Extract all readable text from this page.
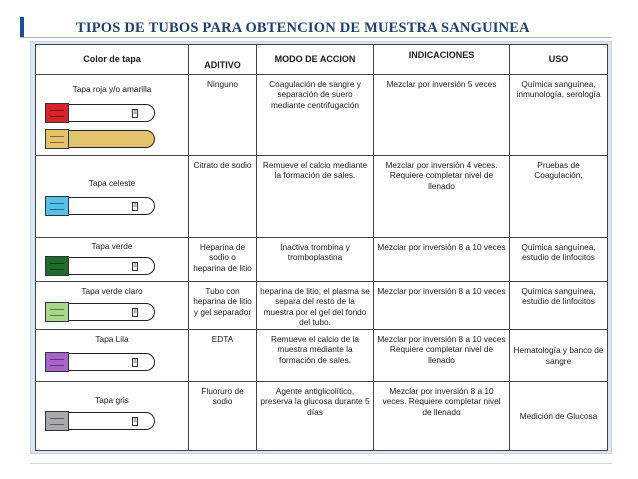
TIPOS DE TUBOS PARA OBTENCION DE MUESTRA SANGUINEA
Color de tapa	ADITIVO	MODO DE ACCION	INDICACIONES	USO

Tapa roja y/o amarilla
≡	Ninguno	Coagulación de sangre y separación de suero mediante centrifugación	Mezclar por inversión 5 veces	Química sanguínea, inmunología, serología

Tapa celeste
≡	Citrato de sodio	Remueve el calcio mediante la formación de sales.	Mezclar por inversión 4 veces. Requiere completar nivel de llenado	Pruebas de Coagulación,

Tapa verde
≡	Heparina de sodio o heparina de litio	Inactiva trombina y tromboplastina	Mezclar por inversión 8 a 10 veces	Química sanguínea, estudio de linfocitos

Tapa verde claro
≡	Tubo con heparina de litio y gel separador	heparina de litio; el plasma se separa del resto de la muestra por el gel del fondo del tubo.	Mezclar por inversión 8 a 10 veces	Química sanguínea, estudio de linfocitos

Tapa Lila
≡	EDTA	Remueve el calcio de la muestra mediante la formación de sales.	Mezclar por inversión 8 a 10 veces Requiere completar nivel de llenado	Hematología y banco de sangre

Tapa gris
≡	Fluoruro de sodio	Agente antiglicolítico, preserva la glucosa durante 5 días	Mezclar por inversión 8 a 10 veces. Requiere completar nivel de llenado	Medición de Glucosa
